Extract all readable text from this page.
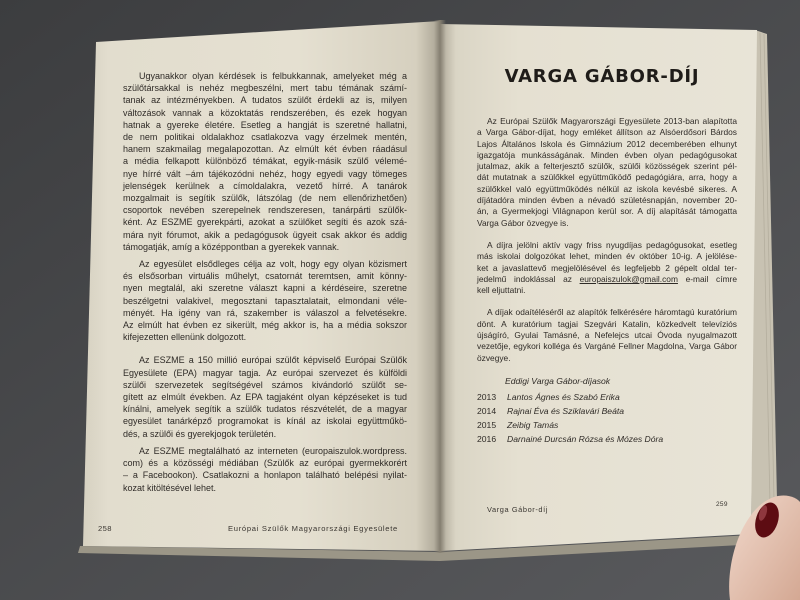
Ugyanakkor olyan kérdések is felbukkannak, amelyeket még a
szülőtársakkal is nehéz megbeszélni, mert tabu témának számí-
tanak az intézményekben. A tudatos szülőt érdekli az is, milyen
változások vannak a közoktatás rendszerében, és ezek hogyan
hatnak a gyereke életére. Esetleg a hangját is szeretné hallatni,
de nem politikai oldalakhoz csatlakozva vagy érzelmek mentén,
hanem szakmailag megalapozottan. Az elmúlt két évben ráadásul
a média felkapott különböző témákat, egyik-másik szülő vélemé-
nye hírré vált –ám tájékozódni nehéz, hogy egyedi vagy tömeges
jelenségek kerülnek a címoldalakra, vezető hírré. A tanárok
mozgalmait is segítik szülők, látszólag (de nem ellenőrizhetően)
csoportok nevében szerepelnek rendszeresen, tanárpárti szülők-
ként. Az ESZME gyerekpárti, azokat a szülőket segíti és azok szá-
mára nyit fórumot, akik a pedagógusok ügyeit csak akkor és addig
támogatják, amíg a középpontban a gyerekek vannak.
Az egyesület elsődleges célja az volt, hogy egy olyan közismert
és elsősorban virtuális műhelyt, csatornát teremtsen, amit könny-
nyen megtalál, aki szeretne választ kapni a kérdéseire, szeretne
beszélgetni valakivel, megosztani tapasztalatait, elmondani véle-
ményét. Ha igény van rá, szakember is válaszol a felvetésekre.
Az elmúlt hat évben ez sikerült, még akkor is, ha a média sokszor
kifejezetten ellenünk dolgozott.
Az ESZME a 150 millió európai szülőt képviselő Európai Szülők
Egyesülete (EPA) magyar tagja. Az európai szervezet és külföldi
szülői szervezetek segítségével számos kivándorló szülőt se-
gített az elmúlt években. Az EPA tagjaként olyan képzéseket is tud
kínálni, amelyek segítik a szülők tudatos részvételét, de a magyar
egyesület tanárképző programokat is kínál az iskolai együttműkö-
dés, a szülői és gyerekjogok területén.
Az ESZME megtalálható az interneten (europaiszulok.wordpress.
com) és a közösségi médiában (Szülők az európai gyermekkorért
– a Facebookon). Csatlakozni a honlapon található belépési nyilat-
kozat kitöltésével lehet.
258	Európai Szülők Magyarországi Egyesülete
VARGA GÁBOR-DÍJ
Az Európai Szülők Magyarországi Egyesülete 2013-ban alapította
a Varga Gábor-díjat, hogy emléket állítson az Alsóerdősori Bárdos
Lajos Általános Iskola és Gimnázium 2012 decemberében elhunyt
igazgatója munkásságának. Minden évben olyan pedagógusokat
jutalmaz, akik a felterjesztő szülők, szülői közösségek szerint pél-
dát mutatnak a szülőkkel együttműködő pedagógiára, arra, hogy a
szülőkkel való együttműködés nélkül az iskola kevésbé sikeres. A
díjátadóra minden évben a névadó születésnapján, november 20-
án, a Gyermekjogi Világnapon kerül sor. A díj alapítását támogatta
Varga Gábor özvegye is.
A díjra jelölni aktív vagy friss nyugdíjas pedagógusokat, esetleg
más iskolai dolgozókat lehet, minden év október 10-ig. A jelölése-
ket a javaslattevő megjelölésével és legfeljebb 2 gépelt oldal ter-
jedelmű indoklással az europaiszulok@gmail.com e-mail címre
kell eljuttatni.
A díjak odaítéléséről az alapítók felkérésére háromtagú kuratórium
dönt. A kuratórium tagjai Szegvári Katalin, közkedvelt televíziós
újságíró, Gyulai Tamásné, a Nefelejcs utcai Óvoda nyugalmazott
vezetője, egykori kolléga és Vargáné Fellner Magdolna, Varga Gábor
özvegye.
Eddigi Varga Gábor-díjasok
2013 Lantos Ágnes és Szabó Erika
2014 Rajnai Éva és Sziklavári Beáta
2015 Zeibig Tamás
2016 Darnainé Durcsán Rózsa és Mózes Dóra
Varga Gábor-díj
259
